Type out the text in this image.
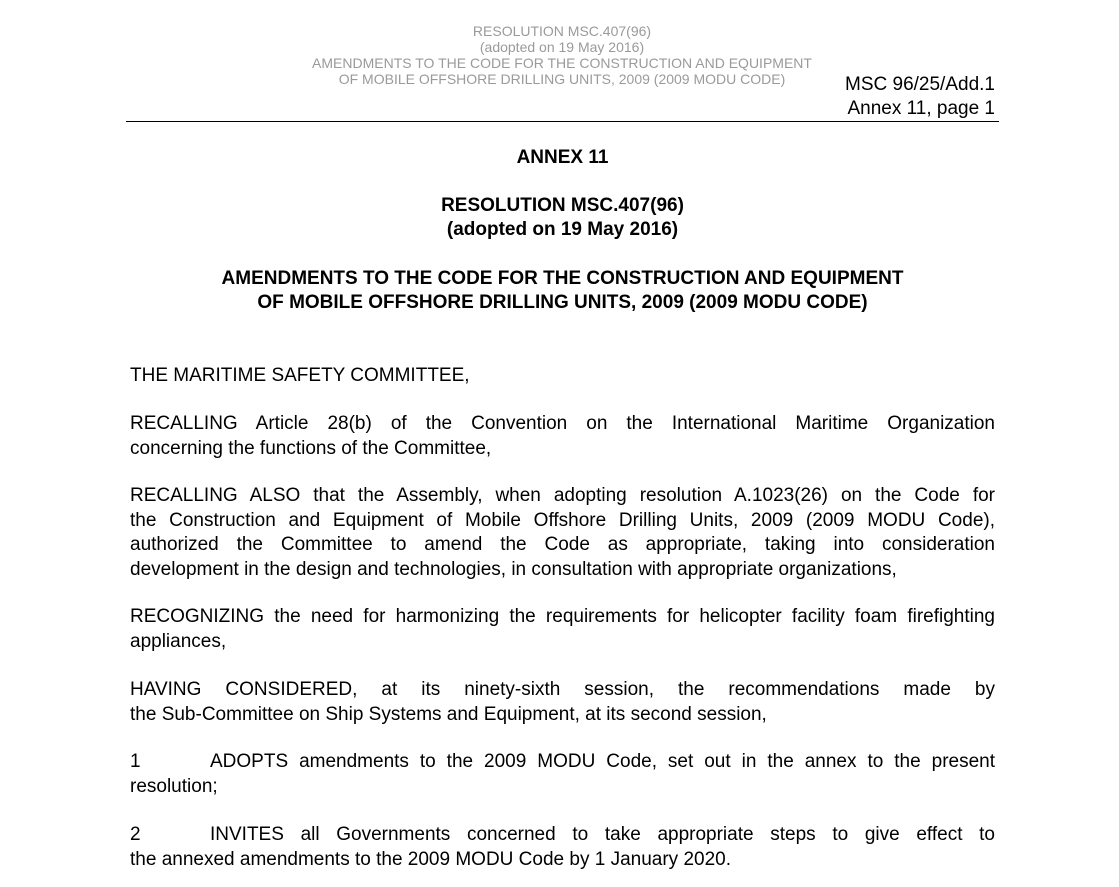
RESOLUTION MSC.407(96)
(adopted on 19 May 2016)
AMENDMENTS TO THE CODE FOR THE CONSTRUCTION AND EQUIPMENT
OF MOBILE OFFSHORE DRILLING UNITS, 2009 (2009 MODU CODE)	MSC 96/25/Add.1
Annex 11, page 1
ANNEX 11
RESOLUTION MSC.407(96)
(adopted on 19 May 2016)
AMENDMENTS TO THE CODE FOR THE CONSTRUCTION AND EQUIPMENT
OF MOBILE OFFSHORE DRILLING UNITS, 2009 (2009 MODU CODE)
THE MARITIME SAFETY COMMITTEE,
RECALLING Article 28(b) of the Convention on the International Maritime Organization
concerning the functions of the Committee,
RECALLING ALSO that the Assembly, when adopting resolution A.1023(26) on the Code for
the Construction and Equipment of Mobile Offshore Drilling Units, 2009 (2009 MODU Code),
authorized the Committee to amend the Code as appropriate, taking into consideration
development in the design and technologies, in consultation with appropriate organizations,
RECOGNIZING the need for harmonizing the requirements for helicopter facility foam firefighting
appliances,
HAVING CONSIDERED, at its ninety-sixth session, the recommendations made by
the Sub-Committee on Ship Systems and Equipment, at its second session,
1	ADOPTS amendments to the 2009 MODU Code, set out in the annex to the present
resolution;
2	INVITES all Governments concerned to take appropriate steps to give effect to
the annexed amendments to the 2009 MODU Code by 1 January 2020.
